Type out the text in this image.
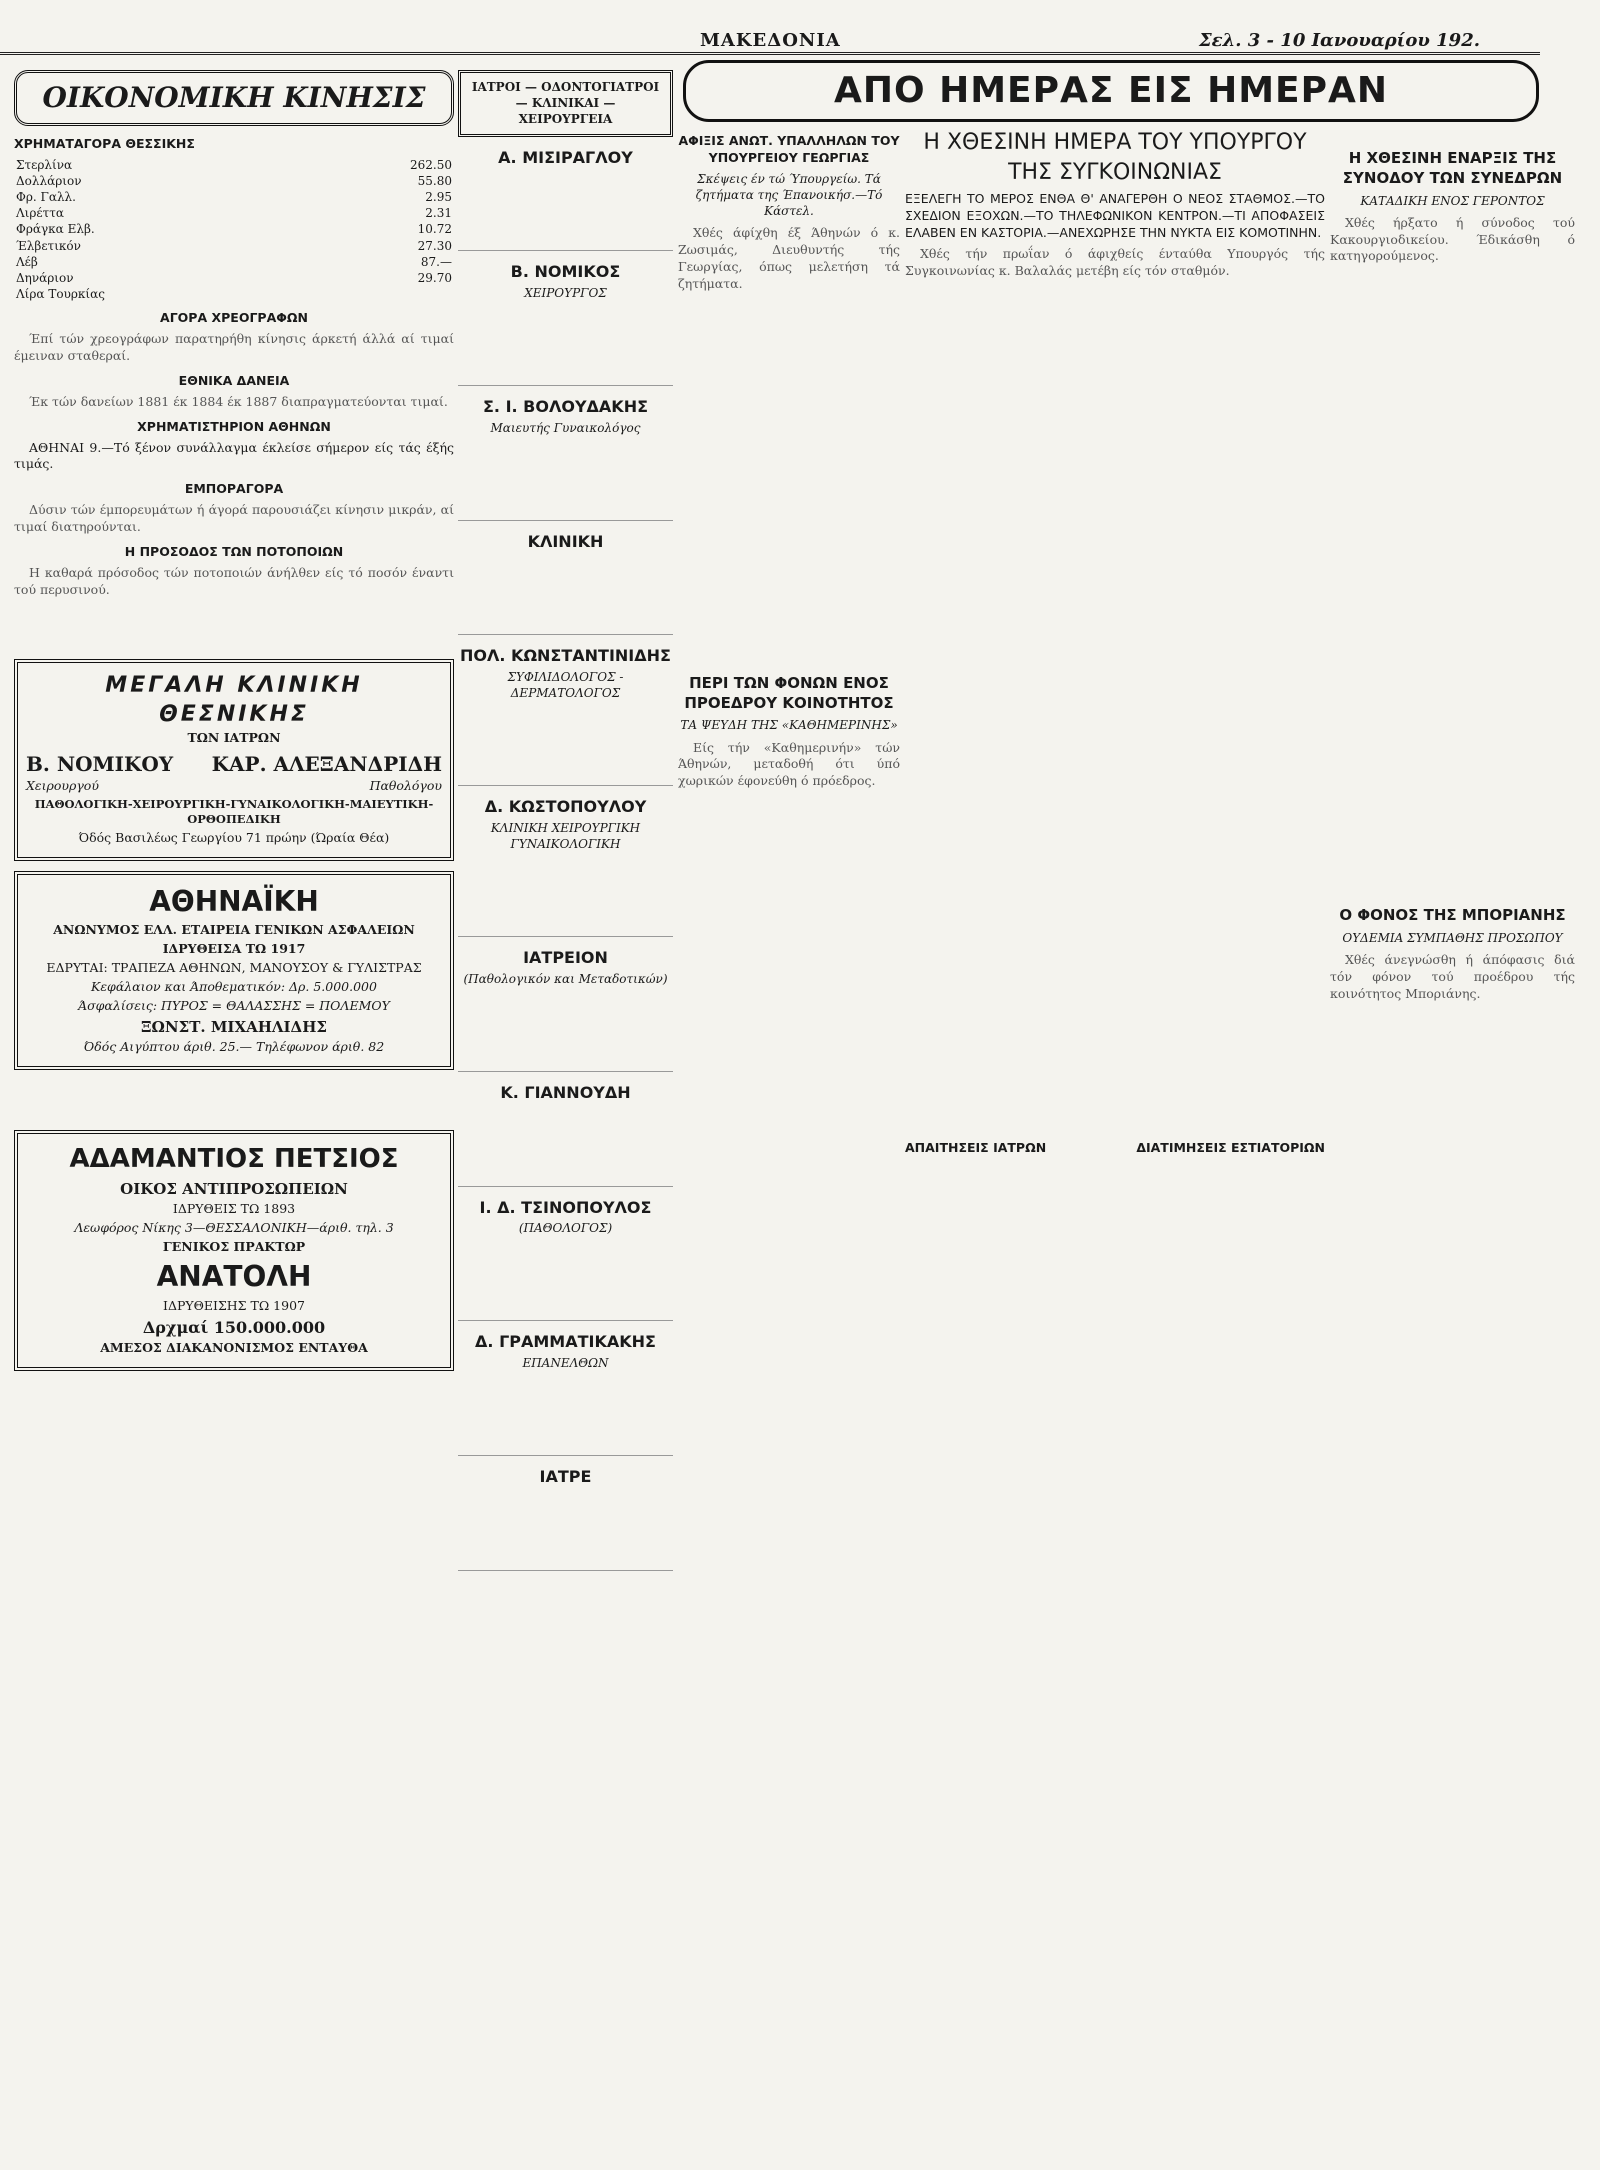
ΜΑΚΕΔΟΝΙΑ	Σελ. 3 - 10 Ιανουαρίου 192.
ΟΙΚΟΝΟΜΙΚΗ ΚΙΝΗΣΙΣ
ΧΡΗΜΑΤΑΓΟΡΑ ΘΕΣΣΙΚΗΣ
Στερλίνα	262.50
Δολλάριον	55.80
Φρ. Γαλλ.	2.95
Λιρέττα	2.31
Φράγκα Ελβ.	10.72
Έλβετικόν	27.30
Λέβ	87.—
Δηνάριον	29.70
Λίρα Τουρκίας	
ΑΓΟΡΑ ΧΡΕΟΓΡΑΦΩΝ

Έπί τών χρεογράφων παρατηρήθη κίνησις άρκετή άλλά αί τιμαί έμειναν σταθεραί.

ΕΘΝΙΚΑ ΔΑΝΕΙΑ

Έκ τών δανείων 1881 έκ 1884 έκ 1887 διαπραγματεύονται τιμαί.

ΧΡΗΜΑΤΙΣΤΗΡΙΟΝ ΑΘΗΝΩΝ

ΑΘΗΝΑΙ 9.—Τό ξένον συνάλλαγμα έκλείσε σήμερον είς τάς έξής τιμάς.

ΕΜΠΟΡΑΓΟΡΑ

Δύσιν τών έμπορευμάτων ή άγορά παρουσιάζει κίνησιν μικράν, αί τιμαί διατηρούνται.

Η ΠΡΟΣΟΔΟΣ ΤΩΝ ΠΟΤΟΠΟΙΩΝ

Η καθαρά πρόσοδος τών ποτοποιών άνήλθεν είς τό ποσόν έναντι τού περυσινού.

ΜΕΓΑΛΗ ΚΛΙΝΙΚΗ ΘΕΣΝΙΚΗΣ
ΤΩΝ ΙΑΤΡΩΝ
Β. ΝΟΜΙΚΟΥ ΚΑΡ. ΑΛΕΞΑΝΔΡΙΔΗ
Χειρουργού	Παθολόγου
ΠΑΘΟΛΟΓΙΚΗ-ΧΕΙΡΟΥΡΓΙΚΗ-ΓΥΝΑΙΚΟΛΟΓΙΚΗ-ΜΑΙΕΥΤΙΚΗ-ΟΡΘΟΠΕΔΙΚΗ
Όδός Βασιλέως Γεωργίου 71 πρώην (Ώραία Θέα)
ΑΘΗΝΑΪΚΗ
ΑΝΩΝΥΜΟΣ ΕΛΛ. ΕΤΑΙΡΕΙΑ ΓΕΝΙΚΩΝ ΑΣΦΑΛΕΙΩΝ
ΙΔΡΥΘΕΙΣΑ ΤΩ 1917
ΕΔΡΥΤΑΙ: ΤΡΑΠΕΖΑ ΑΘΗΝΩΝ, ΜΑΝΟΥΣΟΥ & ΓΥΛΙΣΤΡΑΣ
Κεφάλαιον και Άποθεματικόν: Δρ. 5.000.000
Άσφαλίσεις: ΠΥΡΟΣ = ΘΑΛΑΣΣΗΣ = ΠΟΛΕΜΟΥ
ΞΩΝΣΤ. ΜΙΧΑΗΛΙΔΗΣ
Όδός Αιγύπτου άριθ. 25.— Τηλέφωνον άριθ. 82
ΑΔΑΜΑΝΤΙΟΣ ΠΕΤΣΙΟΣ
ΟΙΚΟΣ ΑΝΤΙΠΡΟΣΩΠΕΙΩΝ
ΙΔΡΥΘΕΙΣ ΤΩ 1893
Λεωφόρος Νίκης 3—ΘΕΣΣΑΛΟΝΙΚΗ—άριθ. τηλ. 3
ΓΕΝΙΚΟΣ ΠΡΑΚΤΩΡ
ΑΝΑΤΟΛΗ
ΙΔΡΥΘΕΙΣΗΣ ΤΩ 1907
Δρχμαί 150.000.000
ΑΜΕΣΟΣ ΔΙΑΚΑΝΟΝΙΣΜΟΣ ΕΝΤΑΥΘΑ
ΙΑΤΡΟΙ — ΟΔΟΝΤΟΓΙΑΤΡΟΙ — ΚΛΙΝΙΚΑΙ — ΧΕΙΡΟΥΡΓΕΙΑ
Α. ΜΙΣΙΡΑΓΛΟΥ
Β. ΝΟΜΙΚΟΣ
ΧΕΙΡΟΥΡΓΟΣ
Σ. Ι. ΒΟΛΟΥΔΑΚΗΣ
Μαιευτής Γυναικολόγος
ΚΛΙΝΙΚΗ
ΠΟΛ. ΚΩΝΣΤΑΝΤΙΝΙΔΗΣ
ΣΥΦΙΛΙΔΟΛΟΓΟΣ - ΔΕΡΜΑΤΟΛΟΓΟΣ
Δ. ΚΩΣΤΟΠΟΥΛΟΥ
ΚΛΙΝΙΚΗ ΧΕΙΡΟΥΡΓΙΚΗ ΓΥΝΑΙΚΟΛΟΓΙΚΗ
ΙΑΤΡΕΙΟΝ
(Παθολογικόν και Μεταδοτικών)
Κ. ΓΙΑΝΝΟΥΔΗ
Ι. Δ. ΤΣΙΝΟΠΟΥΛΟΣ
(ΠΑΘΟΛΟΓΟΣ)
Δ. ΓΡΑΜΜΑΤΙΚΑΚΗΣ
ΕΠΑΝΕΛΘΩΝ
ΙΑΤΡΕ
ΑΠΟ ΗΜΕΡΑΣ ΕΙΣ ΗΜΕΡΑΝ
ΑΦΙΞΙΣ ΑΝΩΤ. ΥΠΑΛΛΗΛΩΝ ΤΟΥ ΥΠΟΥΡΓΕΙΟΥ ΓΕΩΡΓΙΑΣ
Σκέψεις έν τώ Ύπουργείω. Τά ζητήματα της Έπανοικήσ.—Τό Κάστελ.

Χθές άφίχθη έξ Άθηνών ό κ. Ζωσιμάς, Διευθυντής τής Γεωργίας, όπως μελετήση τά ζητήματα.

ΠΕΡΙ ΤΩΝ ΦΟΝΩΝ ΕΝΟΣ ΠΡΟΕΔΡΟΥ ΚΟΙΝΟΤΗΤΟΣ
ΤΑ ΨΕΥΔΗ ΤΗΣ «ΚΑΘΗΜΕΡΙΝΗΣ»

Είς τήν «Καθημερινήν» τών Άθηνών, μεταδοθή ότι ύπό χωρικών έφονεύθη ό πρόεδρος.

Η ΧΘΕΣΙΝΗ ΗΜΕΡΑ ΤΟΥ ΥΠΟΥΡΓΟΥ ΤΗΣ ΣΥΓΚΟΙΝΩΝΙΑΣ

ΕΞΕΛΕΓΗ ΤΟ ΜΕΡΟΣ ΕΝΘΑ Θ' ΑΝΑΓΕΡΘΗ Ο ΝΕΟΣ ΣΤΑΘΜΟΣ.—ΤΟ ΣΧΕΔΙΟΝ ΕΞΟΧΩΝ.—ΤΟ ΤΗΛΕΦΩΝΙΚΟΝ ΚΕΝΤΡΟΝ.—ΤΙ ΑΠΟΦΑΣΕΙΣ ΕΛΑΒΕΝ ΕΝ ΚΑΣΤΟΡΙΑ.—ΑΝΕΧΩΡΗΣΕ ΤΗΝ ΝΥΚΤΑ ΕΙΣ ΚΟΜΟΤΙΝΗΝ.

Χθές τήν πρωΐαν ό άφιχθείς ένταύθα Υπουργός τής Συγκοινωνίας κ. Βαλαλάς μετέβη είς τόν σταθμόν.

ΑΠΑΙΤΗΣΕΙΣ ΙΑΤΡΩΝ	ΔΙΑΤΙΜΗΣΕΙΣ ΕΣΤΙΑΤΟΡΙΩΝ
Η ΧΘΕΣΙΝΗ ΕΝΑΡΞΙΣ ΤΗΣ ΣΥΝΟΔΟΥ ΤΩΝ ΣΥΝΕΔΡΩΝ
ΚΑΤΑΔΙΚΗ ΕΝΟΣ ΓΕΡΟΝΤΟΣ

Χθές ήρξατο ή σύνοδος τού Κακουργιοδικείου. Έδικάσθη ό κατηγορούμενος.

Ο ΦΟΝΟΣ ΤΗΣ ΜΠΟΡΙΑΝΗΣ
ΟΥΔΕΜΙΑ ΣΥΜΠΑΘΗΣ ΠΡΟΣΩΠΟΥ

Χθές άνεγνώσθη ή άπόφασις διά τόν φόνον τού προέδρου τής κοινότητος Μποριάνης.
